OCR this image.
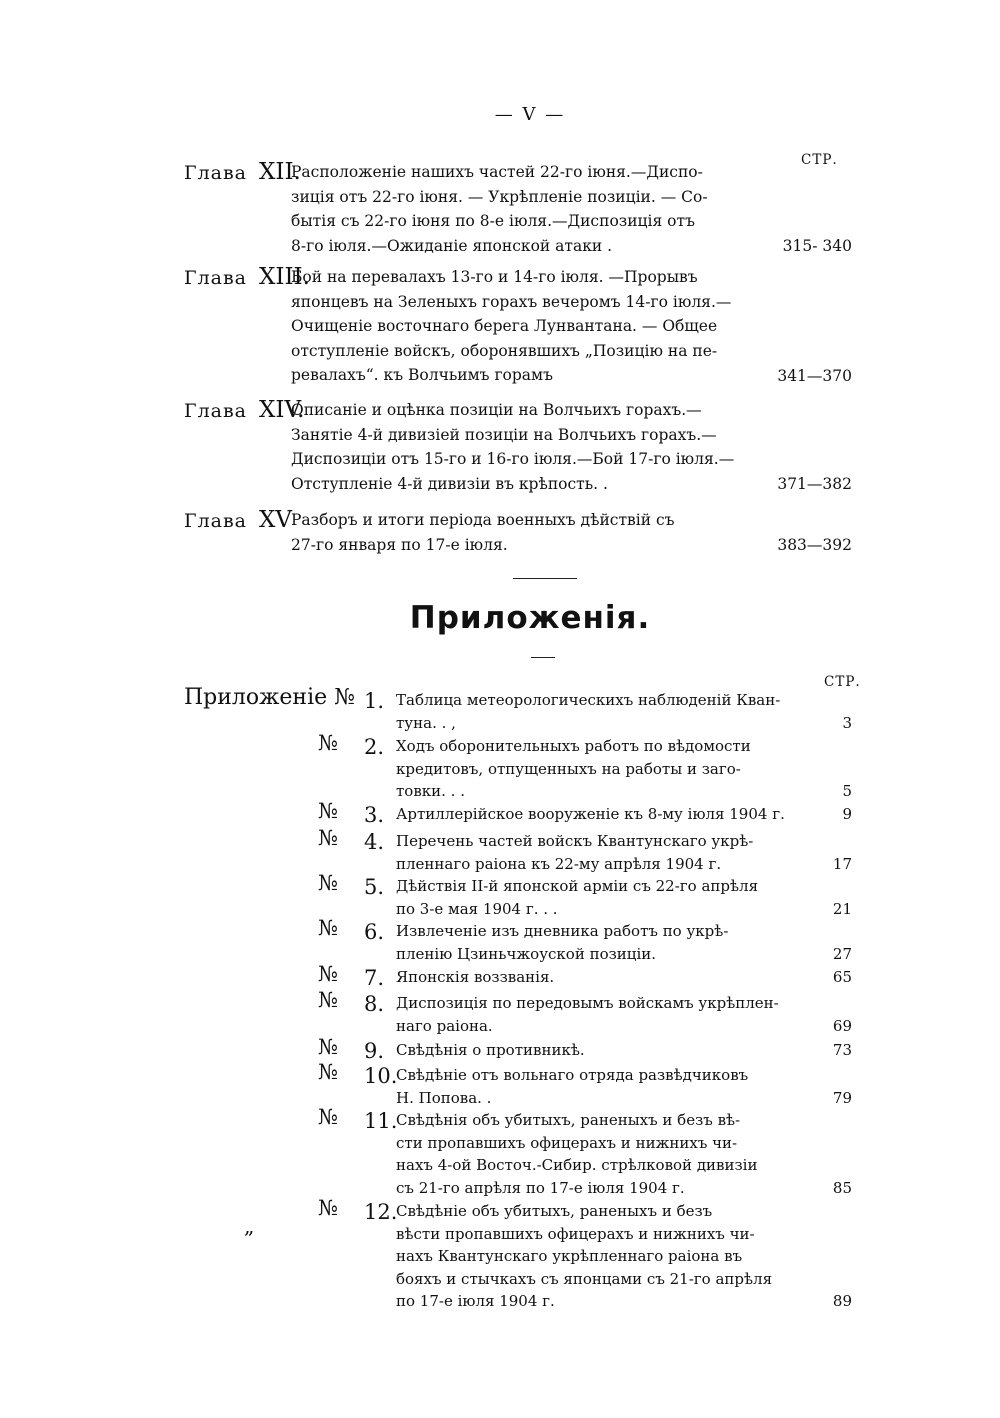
— V —
СТР.
Глава XII.
Расположеніе нашихъ частей 22-го іюня.—Диспо-
зиція отъ 22-го іюня. — Укрѣпленіе позиціи. — Со-
бытія съ 22-го іюня по 8-е іюля.—Диспозиція отъ
8-го іюля.—Ожиданіе японской атаки .	315- 340
Глава XIII.
Бой на перевалахъ 13-го и 14-го іюля. —Прорывъ
японцевъ на Зеленыхъ горахъ вечеромъ 14-го іюля.—
Очищеніе восточнаго берега Лунвантана. — Общее
отступленіе войскъ, оборонявшихъ „Позицію на пе-
ревалахъ“. къ Волчьимъ горамъ	341—370
Глава XIV.
Описаніе и оцѣнка позиціи на Волчьихъ горахъ.—
Занятіе 4-й дивизіей позиціи на Волчьихъ горахъ.—
Диспозиціи отъ 15-го и 16-го іюля.—Бой 17-го іюля.—
Отступленіе 4-й дивизіи въ крѣпость. .	371—382
Глава XV Разборъ и итоги періода военныхъ дѣйствій съ
27-го января по 17-е іюля.	383—392
Приложенія.
СТР.
Приложеніе № 1. Таблица метеорологическихъ наблюденій Кван-
туна. . ,	3
№ 2. Ходъ оборонительныхъ работъ по вѣдомости
кредитовъ, отпущенныхъ на работы и заго-
товки. . .	5
№ 3. Артиллерійское вооруженіе къ 8-му іюля 1904 г.	9
№ 4. Перечень частей войскъ Квантунскаго укрѣ-
пленнаго раіона къ 22-му апрѣля 1904 г.	17
№ 5. Дѣйствія II-й японской арміи съ 22-го апрѣля
по 3-е мая 1904 г. . .	21
№ 6. Извлеченіе изъ дневника работъ по укрѣ-
пленію Цзиньчжоуской позиціи.	27
№ 7. Японскія воззванія.	65
№ 8. Диспозиція по передовымъ войскамъ укрѣплен-
наго раіона.	69
№ 9. Свѣдѣнія о противникѣ.	73
№ 10.
Свѣдѣніе отъ вольнаго отряда развѣдчиковъ
Н. Попова. .	79
№ 11.
Свѣдѣнія объ убитыхъ, раненыхъ и безъ вѣ-
сти пропавшихъ офицерахъ и нижнихъ чи-
нахъ 4-ой Восточ.-Сибир. стрѣлковой дивизіи
съ 21-го апрѣля по 17-е іюля 1904 г.	85
„
№ 12.
Свѣдѣніе объ убитыхъ, раненыхъ и безъ
вѣсти пропавшихъ офицерахъ и нижнихъ чи-
нахъ Квантунскаго укрѣпленнаго раіона въ
бояхъ и стычкахъ съ японцами съ 21-го апрѣля
по 17-е іюля 1904 г.	89
